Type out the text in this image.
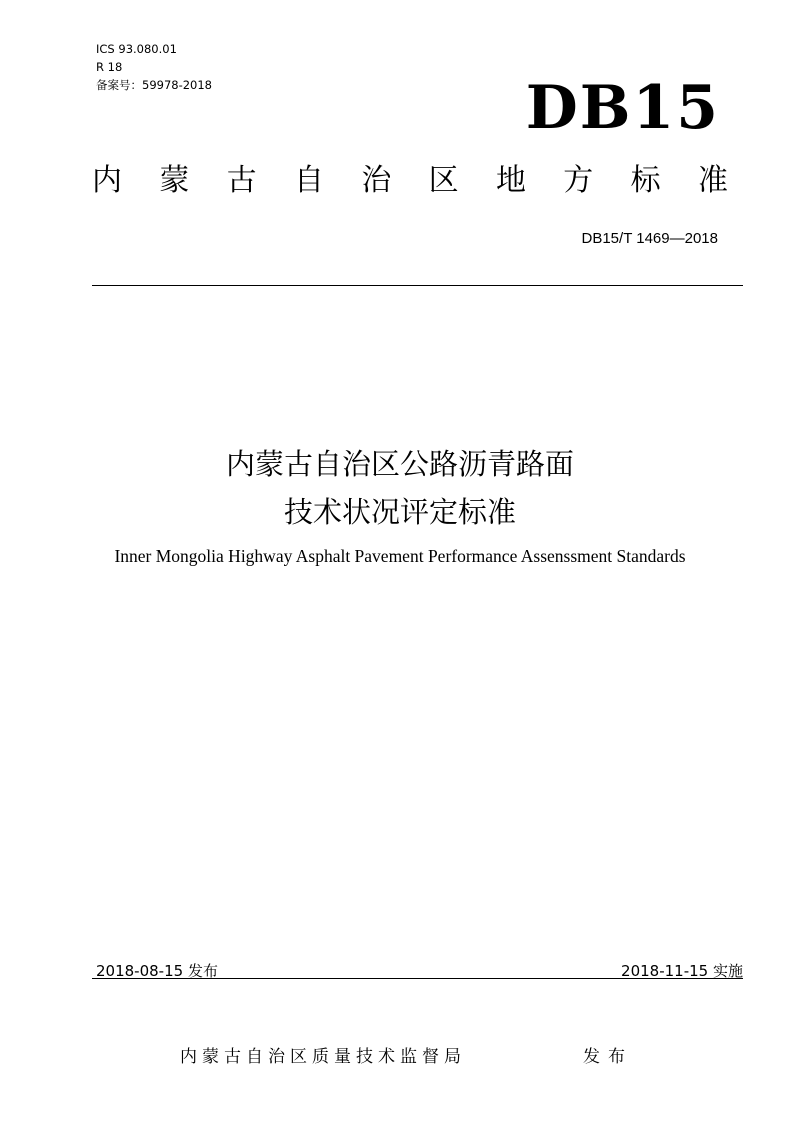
ICS 93.080.01
R 18
备案号：59978-2018	DB15
内 蒙 古 自 治 区 地 方 标 准
DB15/T 1469—2018
内蒙古自治区公路沥青路面
技术状况评定标准
Inner Mongolia Highway Asphalt Pavement Performance Assenssment Standards
2018-08-15 发布	2018-11-15 实施
内蒙古自治区质量技术监督局	发布
